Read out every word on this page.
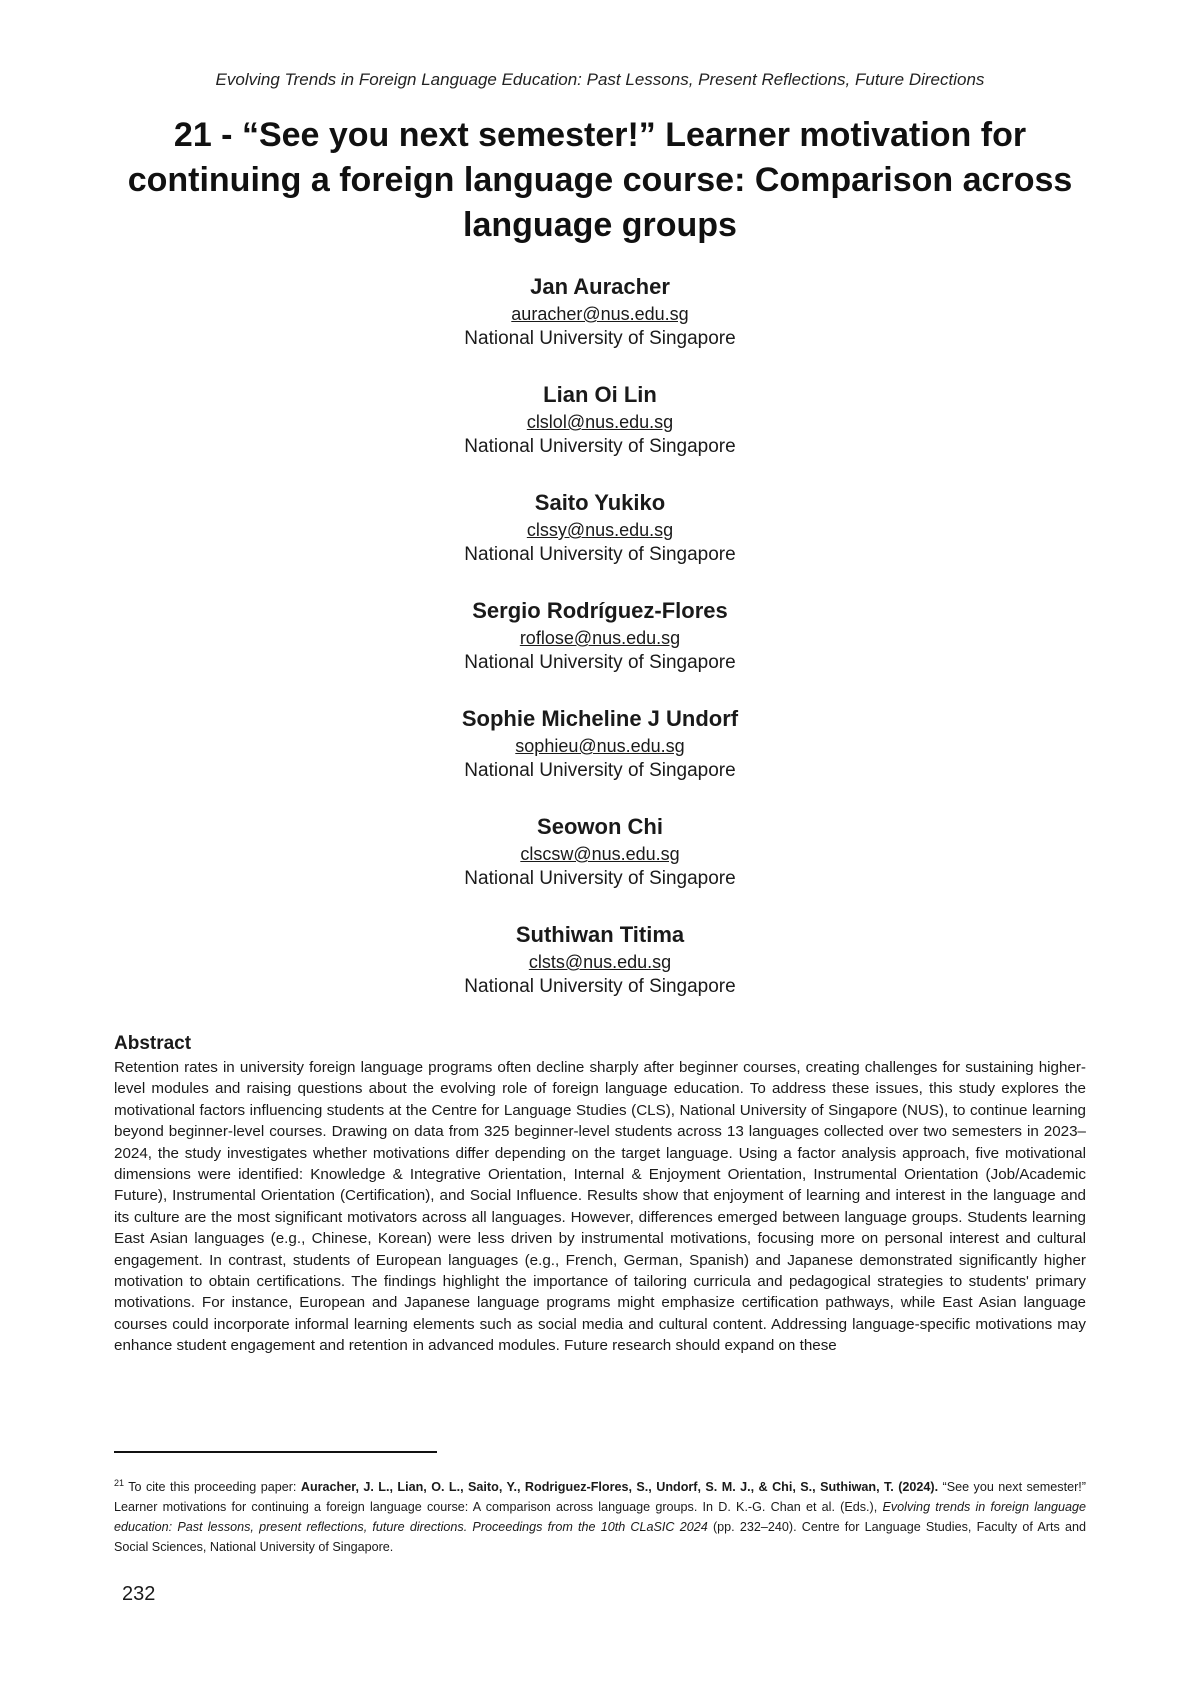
Evolving Trends in Foreign Language Education: Past Lessons, Present Reflections, Future Directions
21 - “See you next semester!” Learner motivation for continuing a foreign language course: Comparison across language groups
Jan Auracher
auracher@nus.edu.sg
National University of Singapore
Lian Oi Lin
clslol@nus.edu.sg
National University of Singapore
Saito Yukiko
clssy@nus.edu.sg
National University of Singapore
Sergio Rodríguez-Flores
roflose@nus.edu.sg
National University of Singapore
Sophie Micheline J Undorf
sophieu@nus.edu.sg
National University of Singapore
Seowon Chi
clscsw@nus.edu.sg
National University of Singapore
Suthiwan Titima
clsts@nus.edu.sg
National University of Singapore
Abstract

Retention rates in university foreign language programs often decline sharply after beginner courses, creating challenges for sustaining higher-level modules and raising questions about the evolving role of foreign language education. To address these issues, this study explores the motivational factors influencing students at the Centre for Language Studies (CLS), National University of Singapore (NUS), to continue learning beyond beginner-level courses. Drawing on data from 325 beginner-level students across 13 languages collected over two semesters in 2023–2024, the study investigates whether motivations differ depending on the target language. Using a factor analysis approach, five motivational dimensions were identified: Knowledge & Integrative Orientation, Internal & Enjoyment Orientation, Instrumental Orientation (Job/Academic Future), Instrumental Orientation (Certification), and Social Influence. Results show that enjoyment of learning and interest in the language and its culture are the most significant motivators across all languages. However, differences emerged between language groups. Students learning East Asian languages (e.g., Chinese, Korean) were less driven by instrumental motivations, focusing more on personal interest and cultural engagement. In contrast, students of European languages (e.g., French, German, Spanish) and Japanese demonstrated significantly higher motivation to obtain certifications. The findings highlight the importance of tailoring curricula and pedagogical strategies to students' primary motivations. For instance, European and Japanese language programs might emphasize certification pathways, while East Asian language courses could incorporate informal learning elements such as social media and cultural content. Addressing language-specific motivations may enhance student engagement and retention in advanced modules. Future research should expand on these

$^{21}$ To cite this proceeding paper: Auracher, J. L., Lian, O. L., Saito, Y., Rodriguez-Flores, S., Undorf, S. M. J., & Chi, S., Suthiwan, T. (2024). “See you next semester!” Learner motivations for continuing a foreign language course: A comparison across language groups. In D. K.-G. Chan et al. (Eds.), Evolving trends in foreign language education: Past lessons, present reflections, future directions. Proceedings from the 10th CLaSIC 2024 (pp. 232–240). Centre for Language Studies, Faculty of Arts and Social Sciences, National University of Singapore.

232
